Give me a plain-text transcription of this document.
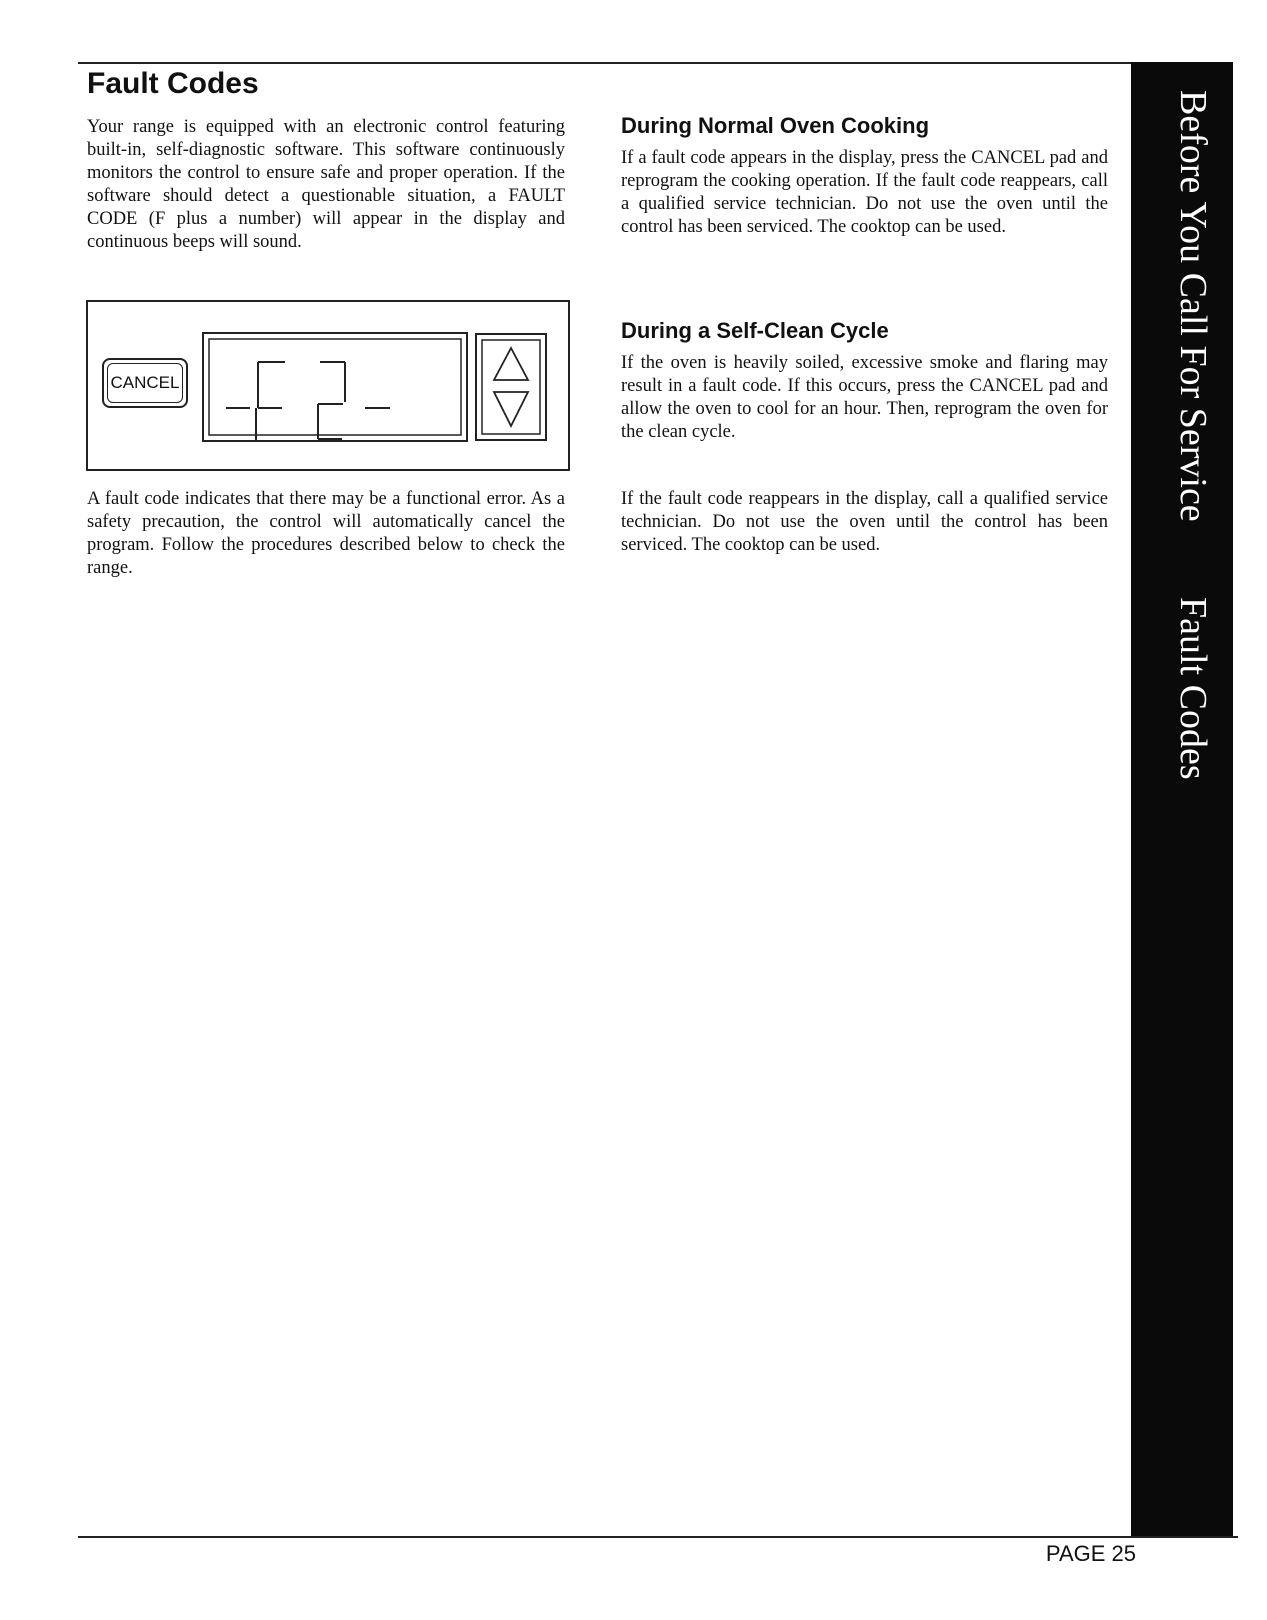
Fault Codes

Your range is equipped with an electronic control featuring built-in, self-diagnostic software. This software continuously monitors the control to ensure safe and proper operation. If the software should detect a questionable situation, a FAULT CODE (F plus a number) will appear in the display and continuous beeps will sound.

CANCEL

A fault code indicates that there may be a functional error. As a safety precaution, the control will automatically cancel the program. Follow the procedures described below to check the range.

During Normal Oven Cooking

If a fault code appears in the display, press the CANCEL pad and reprogram the cooking operation. If the fault code reappears, call a qualified service technician. Do not use the oven until the control has been serviced. The cooktop can be used.

During a Self-Clean Cycle

If the oven is heavily soiled, excessive smoke and flaring may result in a fault code. If this occurs, press the CANCEL pad and allow the oven to cool for an hour. Then, reprogram the oven for the clean cycle.

If the fault code reappears in the display, call a qualified service technician. Do not use the oven until the control has been serviced. The cooktop can be used.

Before You Call For Service
Fault Codes

PAGE 25
